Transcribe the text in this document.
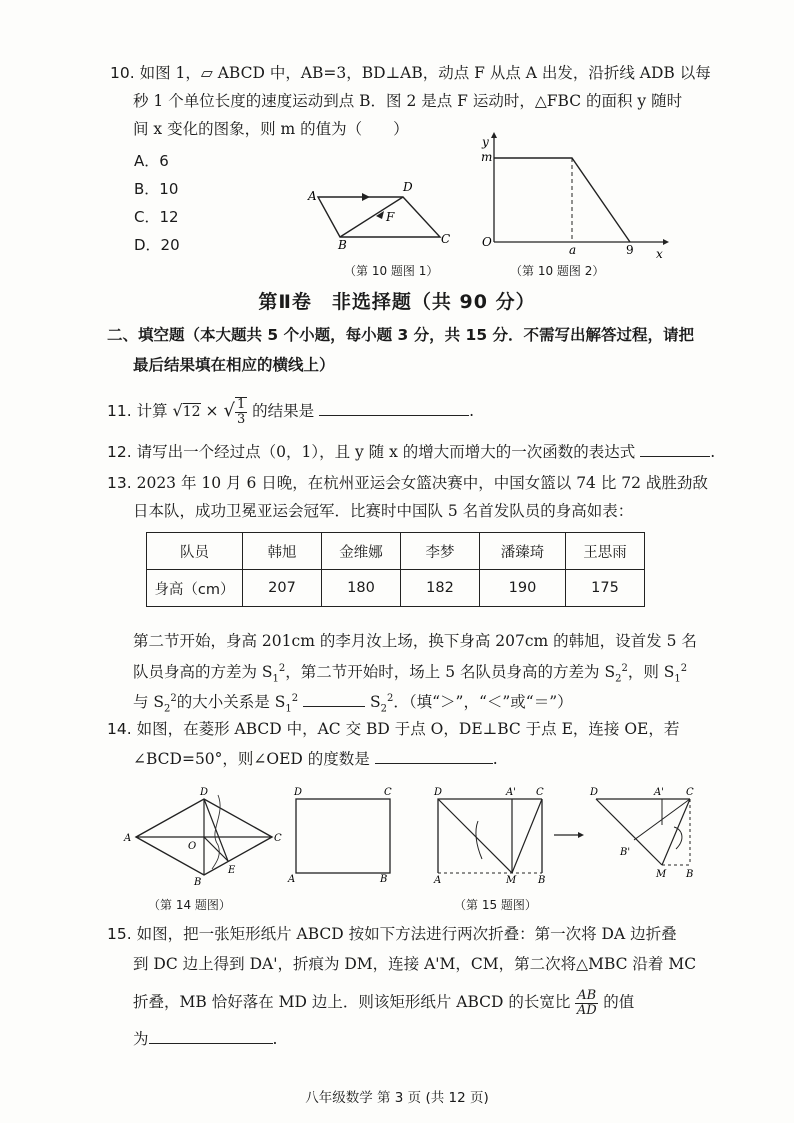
10. 如图 1，▱ ABCD 中，AB=3，BD⊥AB，动点 F 从点 A 出发，沿折线 ADB 以每
秒 1 个单位长度的速度运动到点 B．图 2 是点 F 运动时，△FBC 的面积 y 随时
间 x 变化的图象，则 m 的值为（　　）
A．6
B．10
C．12
D．20
A
D
F
B	C
（第 10 题图 1）
y
m
O
a	9 x
（第 10 题图 2）
第Ⅱ卷　非选择题（共 90 分）
二、填空题（本大题共 5 个小题，每小题 3 分，共 15 分．不需写出解答过程，请把
最后结果填在相应的横线上）
11. 计算 √12 × √ $\frac{1}{3}$ 的结果是	.
12. 请写出一个经过点（0，1），且 y 随 x 的增大而增大的一次函数的表达式	.
13. 2023 年 10 月 6 日晚，在杭州亚运会女篮决赛中，中国女篮以 74 比 72 战胜劲敌
日本队，成功卫冕亚运会冠军．比赛时中国队 5 名首发队员的身高如表：
队员	韩旭	金维娜	李梦	潘臻琦	王思雨
身高（cm）	207	180	182	190	175
第二节开始，身高 201cm 的李月汝上场，换下身高 207cm 的韩旭，设首发 5 名
队员身高的方差为 $S_1^2$，第二节开始时，场上 5 名队员身高的方差为 $S_2^2$，则 $S_1^2$
与 $S_2^2$的大小关系是 $S_1^2$	$S_2^2$．（填“＞”，“＜”或“＝”）
14. 如图，在菱形 ABCD 中，AC 交 BD 于点 O，DE⊥BC 于点 E，连接 OE，若
∠BCD=50°，则∠OED 的度数是	.
A
D
C
B
O
E
（第 14 题图）
D	C
A	B
D	A' C
A	M B
D	A' C
B'
M B
（第 15 题图）
15. 如图，把一张矩形纸片 ABCD 按如下方法进行两次折叠：第一次将 DA 边折叠
到 DC 边上得到 DA'，折痕为 DM，连接 A'M，CM，第二次将△MBC 沿着 MC
折叠，MB 恰好落在 MD 边上．则该矩形纸片 ABCD 的长宽比 $\frac{AB}{AD}$ 的值
为	.
八年级数学 第 3 页 (共 12 页)
